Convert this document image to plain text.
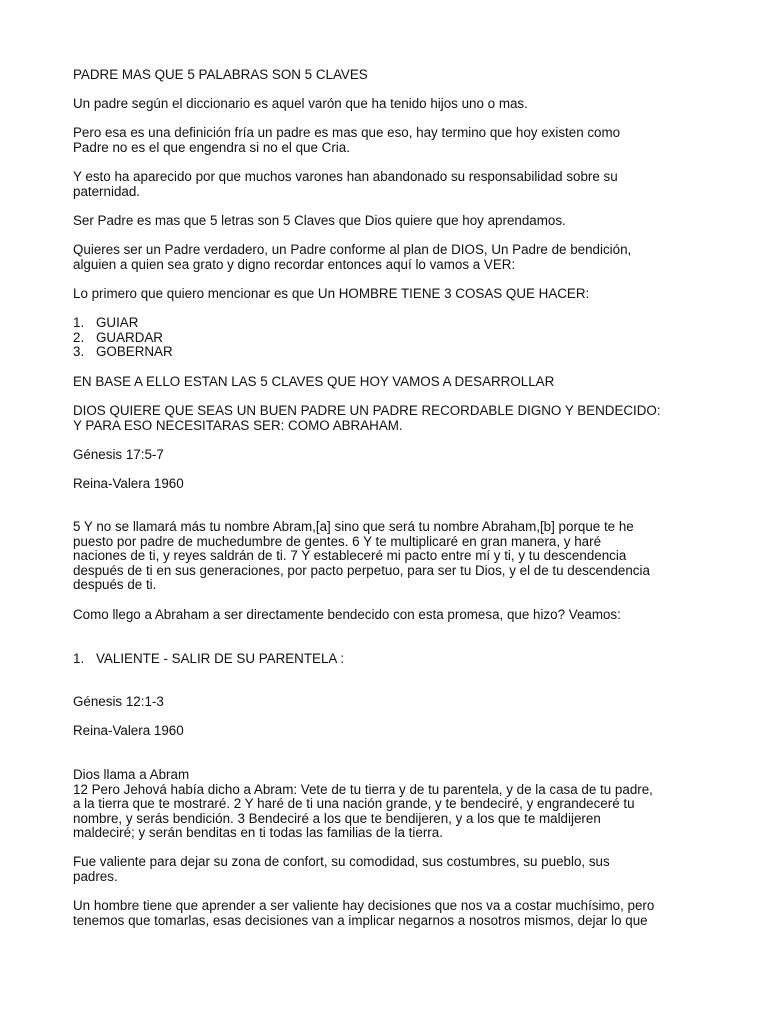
PADRE MAS QUE 5 PALABRAS SON 5 CLAVES

Un padre según el diccionario es aquel varón que ha tenido hijos uno o mas.

Pero esa es una definición fría un padre es mas que eso, hay termino que hoy existen como
Padre no es el que engendra si no el que Cria.

Y esto ha aparecido por que muchos varones han abandonado su responsabilidad sobre su
paternidad.

Ser Padre es mas que 5 letras son 5 Claves que Dios quiere que hoy aprendamos.

Quieres ser un Padre verdadero, un Padre conforme al plan de DIOS, Un Padre de bendición,
alguien a quien sea grato y digno recordar entonces aquí lo vamos a VER:

Lo primero que quiero mencionar es que Un HOMBRE TIENE 3 COSAS QUE HACER:

1. GUIAR

2. GUARDAR

3. GOBERNAR

EN BASE A ELLO ESTAN LAS 5 CLAVES QUE HOY VAMOS A DESARROLLAR

DIOS QUIERE QUE SEAS UN BUEN PADRE UN PADRE RECORDABLE DIGNO Y BENDECIDO:
Y PARA ESO NECESITARAS SER: COMO ABRAHAM.

Génesis 17:5-7

Reina-Valera 1960

5 Y no se llamará más tu nombre Abram,[a] sino que será tu nombre Abraham,[b] porque te he
puesto por padre de muchedumbre de gentes. 6 Y te multiplicaré en gran manera, y haré
naciones de ti, y reyes saldrán de ti. 7 Y estableceré mi pacto entre mí y ti, y tu descendencia
después de ti en sus generaciones, por pacto perpetuo, para ser tu Dios, y el de tu descendencia
después de ti.

Como llego a Abraham a ser directamente bendecido con esta promesa, que hizo? Veamos:

1. VALIENTE - SALIR DE SU PARENTELA :

Génesis 12:1-3

Reina-Valera 1960

Dios llama a Abram
12 Pero Jehová había dicho a Abram: Vete de tu tierra y de tu parentela, y de la casa de tu padre,
a la tierra que te mostraré. 2 Y haré de ti una nación grande, y te bendeciré, y engrandeceré tu
nombre, y serás bendición. 3 Bendeciré a los que te bendijeren, y a los que te maldijeren
maldeciré; y serán benditas en ti todas las familias de la tierra.

Fue valiente para dejar su zona de confort, su comodidad, sus costumbres, su pueblo, sus
padres.

Un hombre tiene que aprender a ser valiente hay decisiones que nos va a costar muchísimo, pero
tenemos que tomarlas, esas decisiones van a implicar negarnos a nosotros mismos, dejar lo que
